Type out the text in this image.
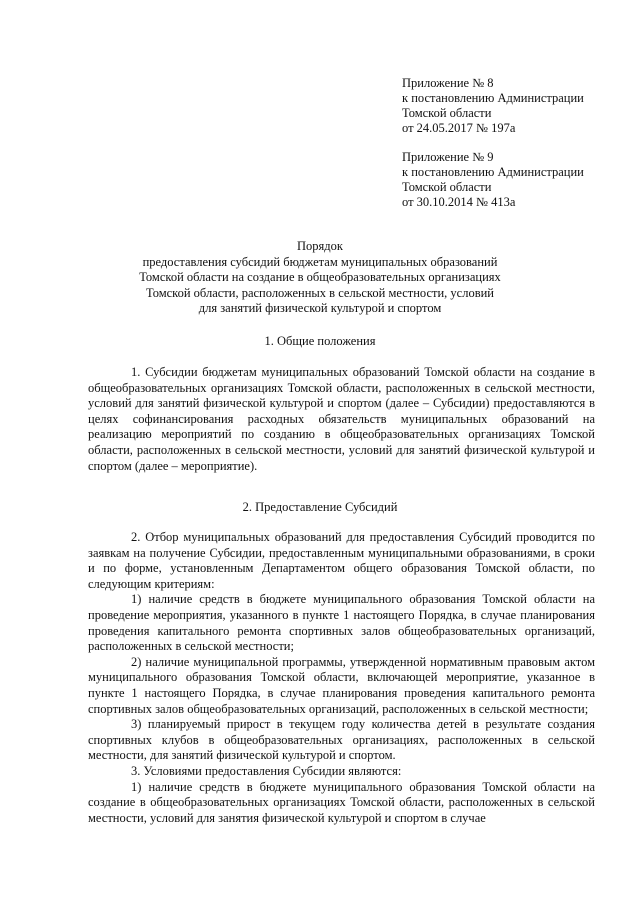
Приложение № 8
к постановлению Администрации
Томской области
от 24.05.2017 № 197а
Приложение № 9
к постановлению Администрации
Томской области
от 30.10.2014 № 413а
Порядок
предоставления субсидий бюджетам муниципальных образований
Томской области на создание в общеобразовательных организациях
Томской области, расположенных в сельской местности, условий
для занятий физической культурой и спортом
1. Общие положения

1. Субсидии бюджетам муниципальных образований Томской области на создание в общеобразовательных организациях Томской области, расположенных в сельской местности, условий для занятий физической культурой и спортом (далее – Субсидии) предоставляются в целях софинансирования расходных обязательств муниципальных образований на реализацию мероприятий по созданию в общеобразовательных организациях Томской области, расположенных в сельской местности, условий для занятий физической культурой и спортом (далее – мероприятие).

2. Предоставление Субсидий

2. Отбор муниципальных образований для предоставления Субсидий проводится по заявкам на получение Субсидии, предоставленным муниципальными образованиями, в сроки и по форме, установленным Департаментом общего образования Томской области, по следующим критериям:

1) наличие средств в бюджете муниципального образования Томской области на проведение мероприятия, указанного в пункте 1 настоящего Порядка, в случае планирования проведения капитального ремонта спортивных залов общеобразовательных организаций, расположенных в сельской местности;

2) наличие муниципальной программы, утвержденной нормативным правовым актом муниципального образования Томской области, включающей мероприятие, указанное в пункте 1 настоящего Порядка, в случае планирования проведения капитального ремонта спортивных залов общеобразовательных организаций, расположенных в сельской местности;

3) планируемый прирост в текущем году количества детей в результате создания спортивных клубов в общеобразовательных организациях, расположенных в сельской местности, для занятий физической культурой и спортом.

3. Условиями предоставления Субсидии являются:

1) наличие средств в бюджете муниципального образования Томской области на создание в общеобразовательных организациях Томской области, расположенных в сельской местности, условий для занятия физической культурой и спортом в случае
